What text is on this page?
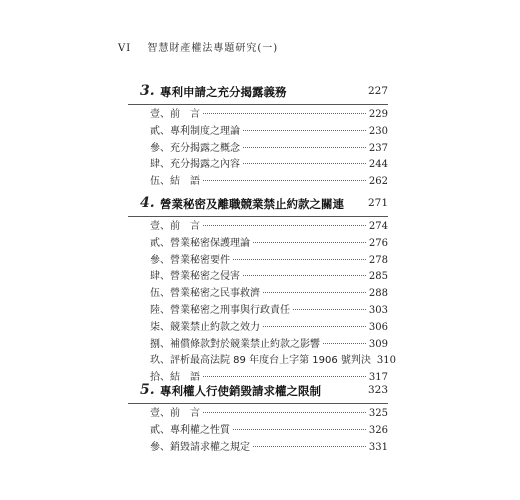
VI 智慧財產權法專題研究(一)
3. 專利申請之充分揭露義務	227
壹、前　言	229
貳、專利制度之理論	230
參、充分揭露之概念	237
肆、充分揭露之內容	244
伍、結　語	262
4. 營業秘密及離職競業禁止約款之關連 271
壹、前　言	274
貳、營業秘密保護理論	276
參、營業秘密要件	278
肆、營業秘密之侵害	285
伍、營業秘密之民事救濟	288
陸、營業秘密之刑事與行政責任	303
柒、競業禁止約款之效力	306
捌、補償條款對於競業禁止約款之影響	309
玖、評析最高法院 89 年度台上字第 1906 號判決 310
拾、結　語	317
5. 專利權人行使銷毀請求權之限制	323
壹、前　言	325
貳、專利權之性質	326
參、銷毀請求權之規定	331
